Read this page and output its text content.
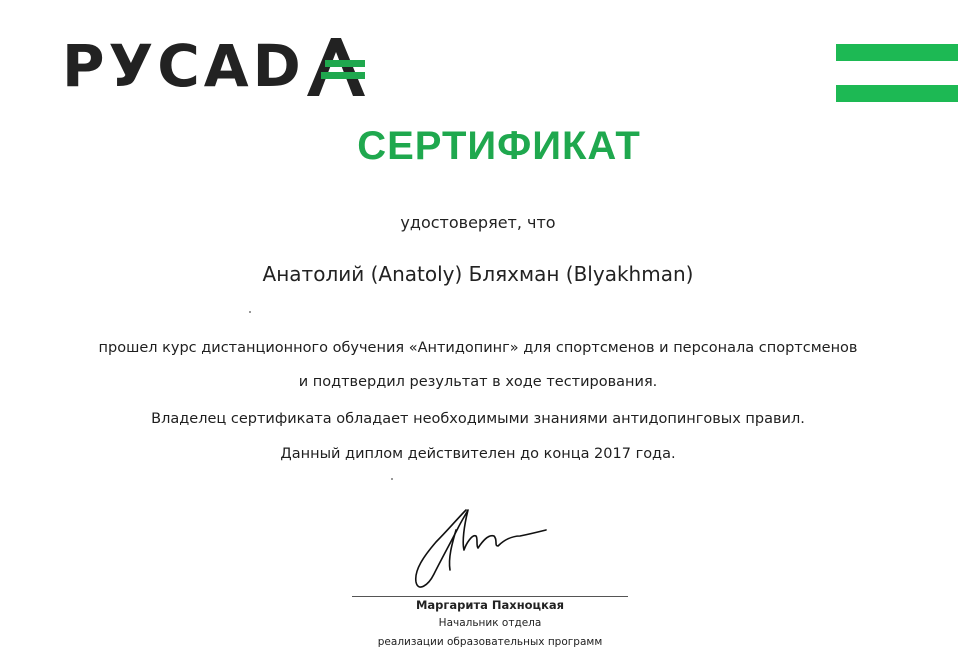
РУСАD
СЕРТИФИКАТ
удостоверяет, что
Анатолий (Anatoly) Бляхман (Blyakhman)
прошел курс дистанционного обучения «Антидопинг» для спортсменов и персонала спортсменов
и подтвердил результат в ходе тестирования.
Владелец сертификата обладает необходимыми знаниями антидопинговых правил.
Данный диплом действителен до конца 2017 года.
Маргарита Пахноцкая
Начальник отдела
реализации образовательных программ
